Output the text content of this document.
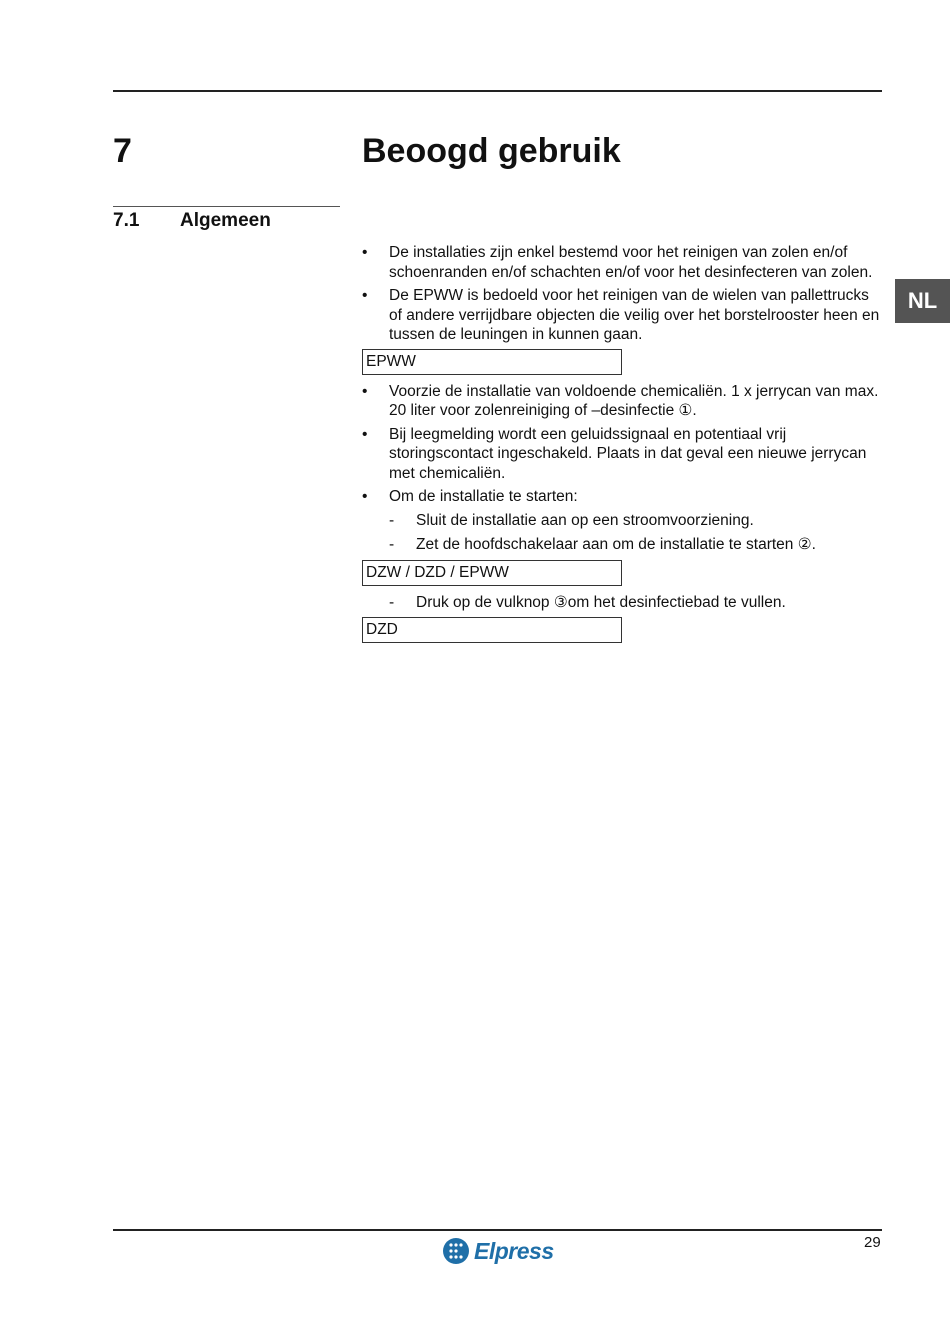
7	Beoogd gebruik
7.1 Algemeen
NL
• De installaties zijn enkel bestemd voor het reinigen van zolen en/of schoenranden en/of schachten en/of voor het desinfecteren van zolen.
• De EPWW is bedoeld voor het reinigen van de wielen van pallettrucks of andere verrijdbare objecten die veilig over het borstelrooster heen en tussen de leuningen in kunnen gaan.
EPWW
• Voorzie de installatie van voldoende chemicaliën. 1 x jerrycan van max. 20 liter voor zolenreiniging of –desinfectie ①.
• Bij leegmelding wordt een geluidssignaal en potentiaal vrij storingscontact ingeschakeld. Plaats in dat geval een nieuwe jerrycan met chemicaliën.
• Om de installatie te starten:
- Sluit de installatie aan op een stroomvoorziening.
- Zet de hoofdschakelaar aan om de installatie te starten ②.
DZW / DZD / EPWW
- Druk op de vulknop ③om het desinfectiebad te vullen.
DZD
Elpress	29
